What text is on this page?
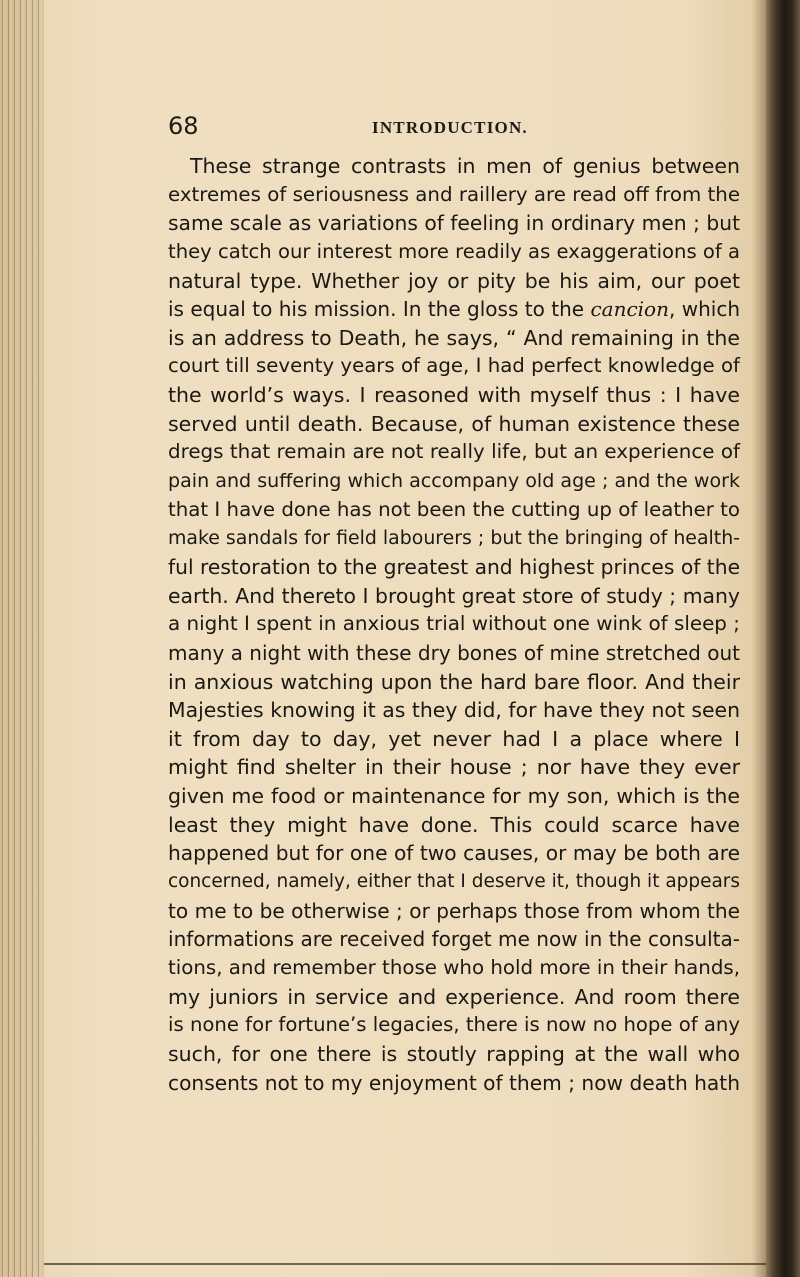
68	INTRODUCTION.
These strange contrasts in men of genius between
extremes of seriousness and raillery are read off from the
same scale as variations of feeling in ordinary men ; but
they catch our interest more readily as exaggerations of a
natural type. Whether joy or pity be his aim, our poet
is equal to his mission. In the gloss to the cancion, which
is an address to Death, he says, “ And remaining in the
court till seventy years of age, I had perfect knowledge of
the world’s ways. I reasoned with myself thus : I have
served until death. Because, of human existence these
dregs that remain are not really life, but an experience of
pain and suffering which accompany old age ; and the work
that I have done has not been the cutting up of leather to
make sandals for field labourers ; but the bringing of health-
ful restoration to the greatest and highest princes of the
earth. And thereto I brought great store of study ; many
a night I spent in anxious trial without one wink of sleep ;
many a night with these dry bones of mine stretched out
in anxious watching upon the hard bare floor. And their
Majesties knowing it as they did, for have they not seen
it from day to day, yet never had I a place where I
might find shelter in their house ; nor have they ever
given me food or maintenance for my son, which is the
least they might have done. This could scarce have
happened but for one of two causes, or may be both are
concerned, namely, either that I deserve it, though it appears
to me to be otherwise ; or perhaps those from whom the
informations are received forget me now in the consulta-
tions, and remember those who hold more in their hands,
my juniors in service and experience. And room there
is none for fortune’s legacies, there is now no hope of any
such, for one there is stoutly rapping at the wall who
consents not to my enjoyment of them ; now death hath
